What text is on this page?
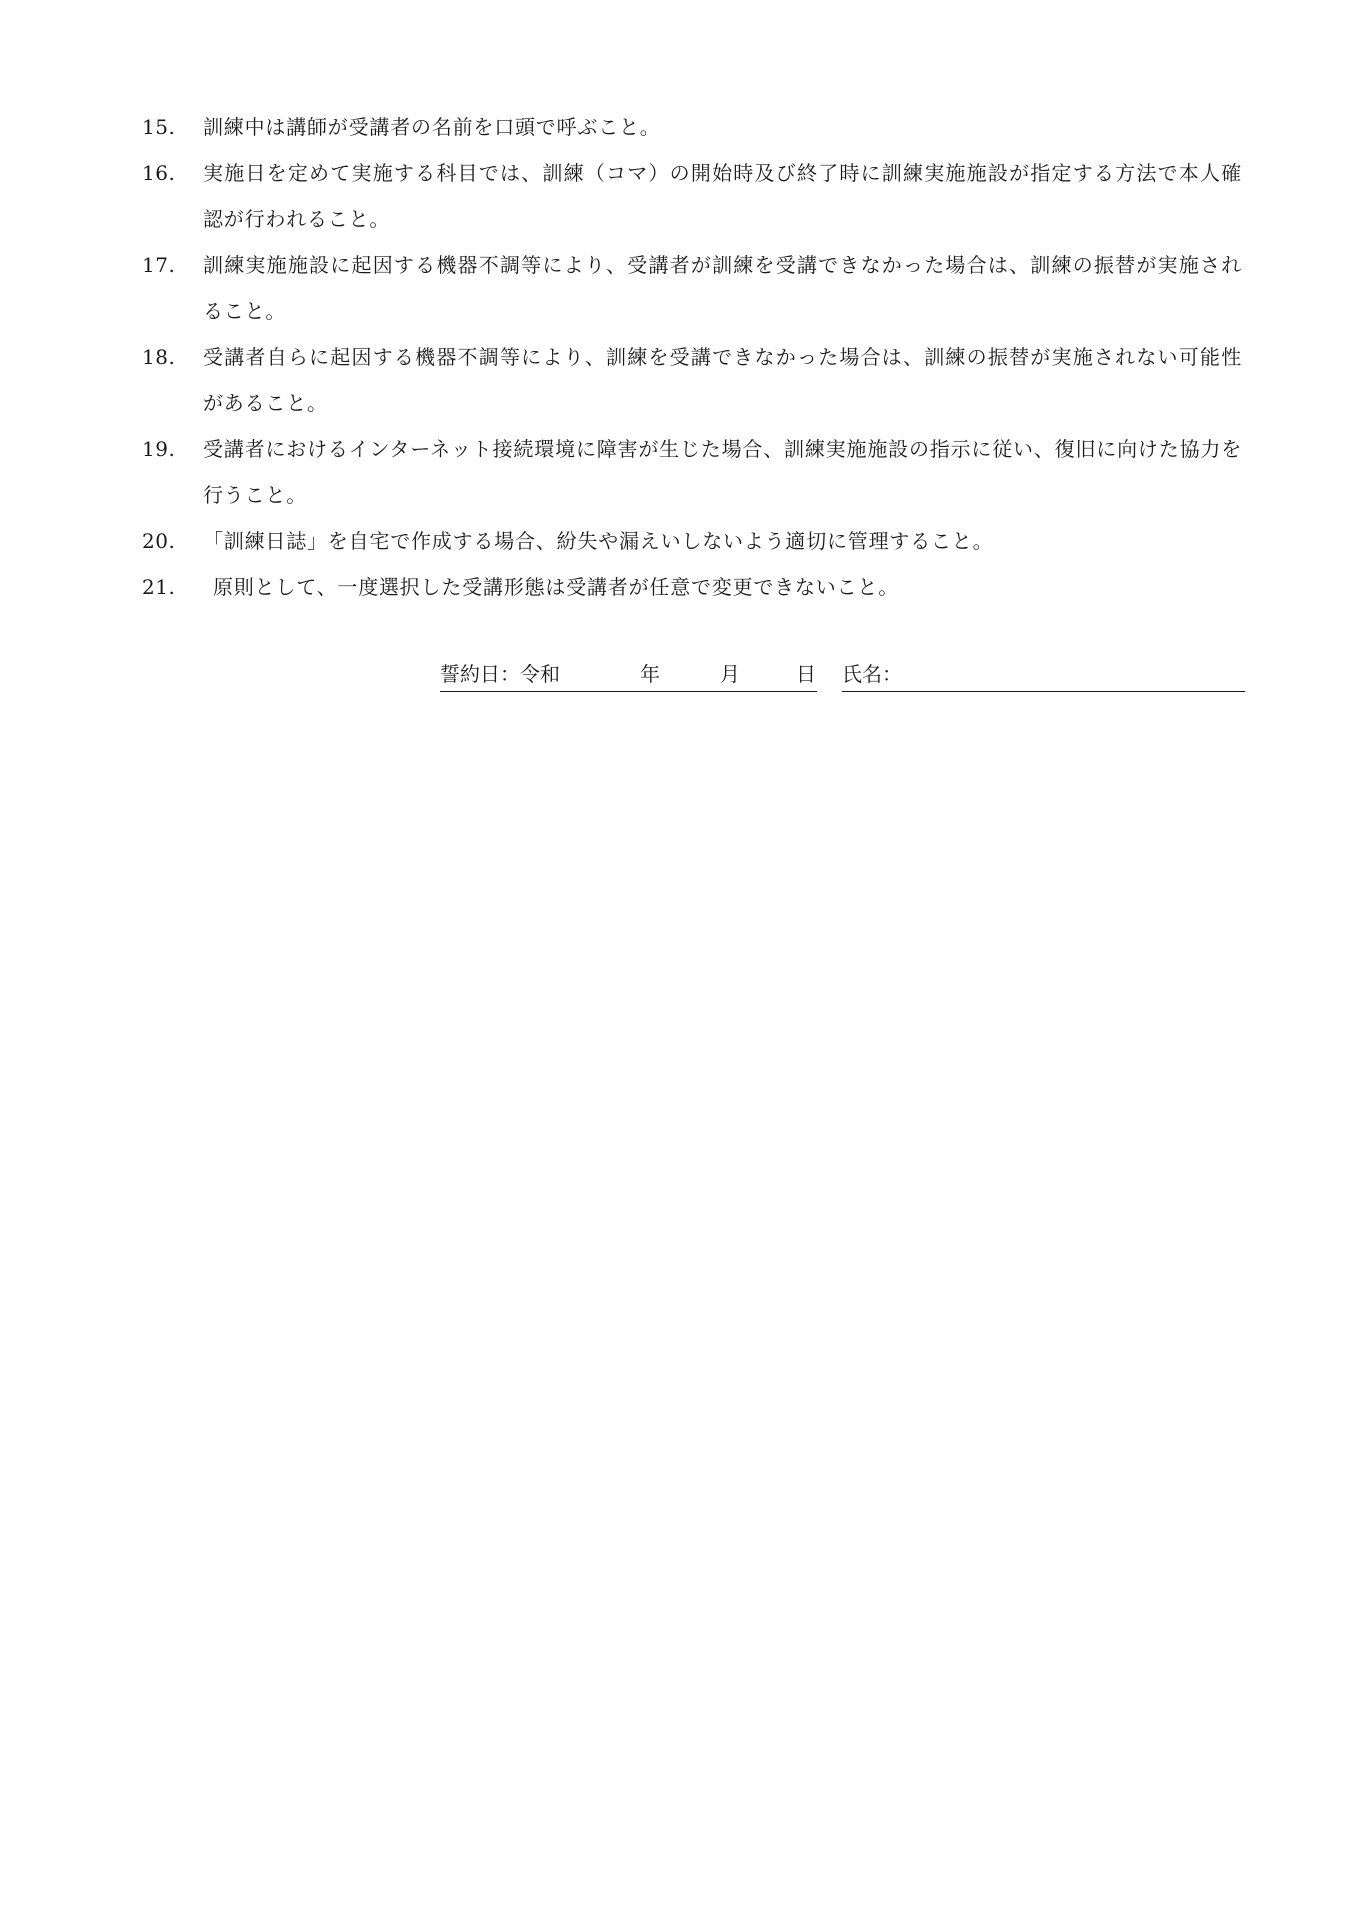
15.	訓練中は講師が受講者の名前を口頭で呼ぶこと。
16.	実施日を定めて実施する科目では、訓練（コマ）の開始時及び終了時に訓練実施施設が指定する方法で本人確認が行われること。
17.	訓練実施施設に起因する機器不調等により、受講者が訓練を受講できなかった場合は、訓練の振替が実施されること。
18.	受講者自らに起因する機器不調等により、訓練を受講できなかった場合は、訓練の振替が実施されない可能性があること。
19.	受講者におけるインターネット接続環境に障害が生じた場合、訓練実施施設の指示に従い、復旧に向けた協力を行うこと。
20.	「訓練日誌」を自宅で作成する場合、紛失や漏えいしないよう適切に管理すること。
21.	原則として、一度選択した受講形態は受講者が任意で変更できないこと。
誓約日：令和	年	月	日 氏名：
